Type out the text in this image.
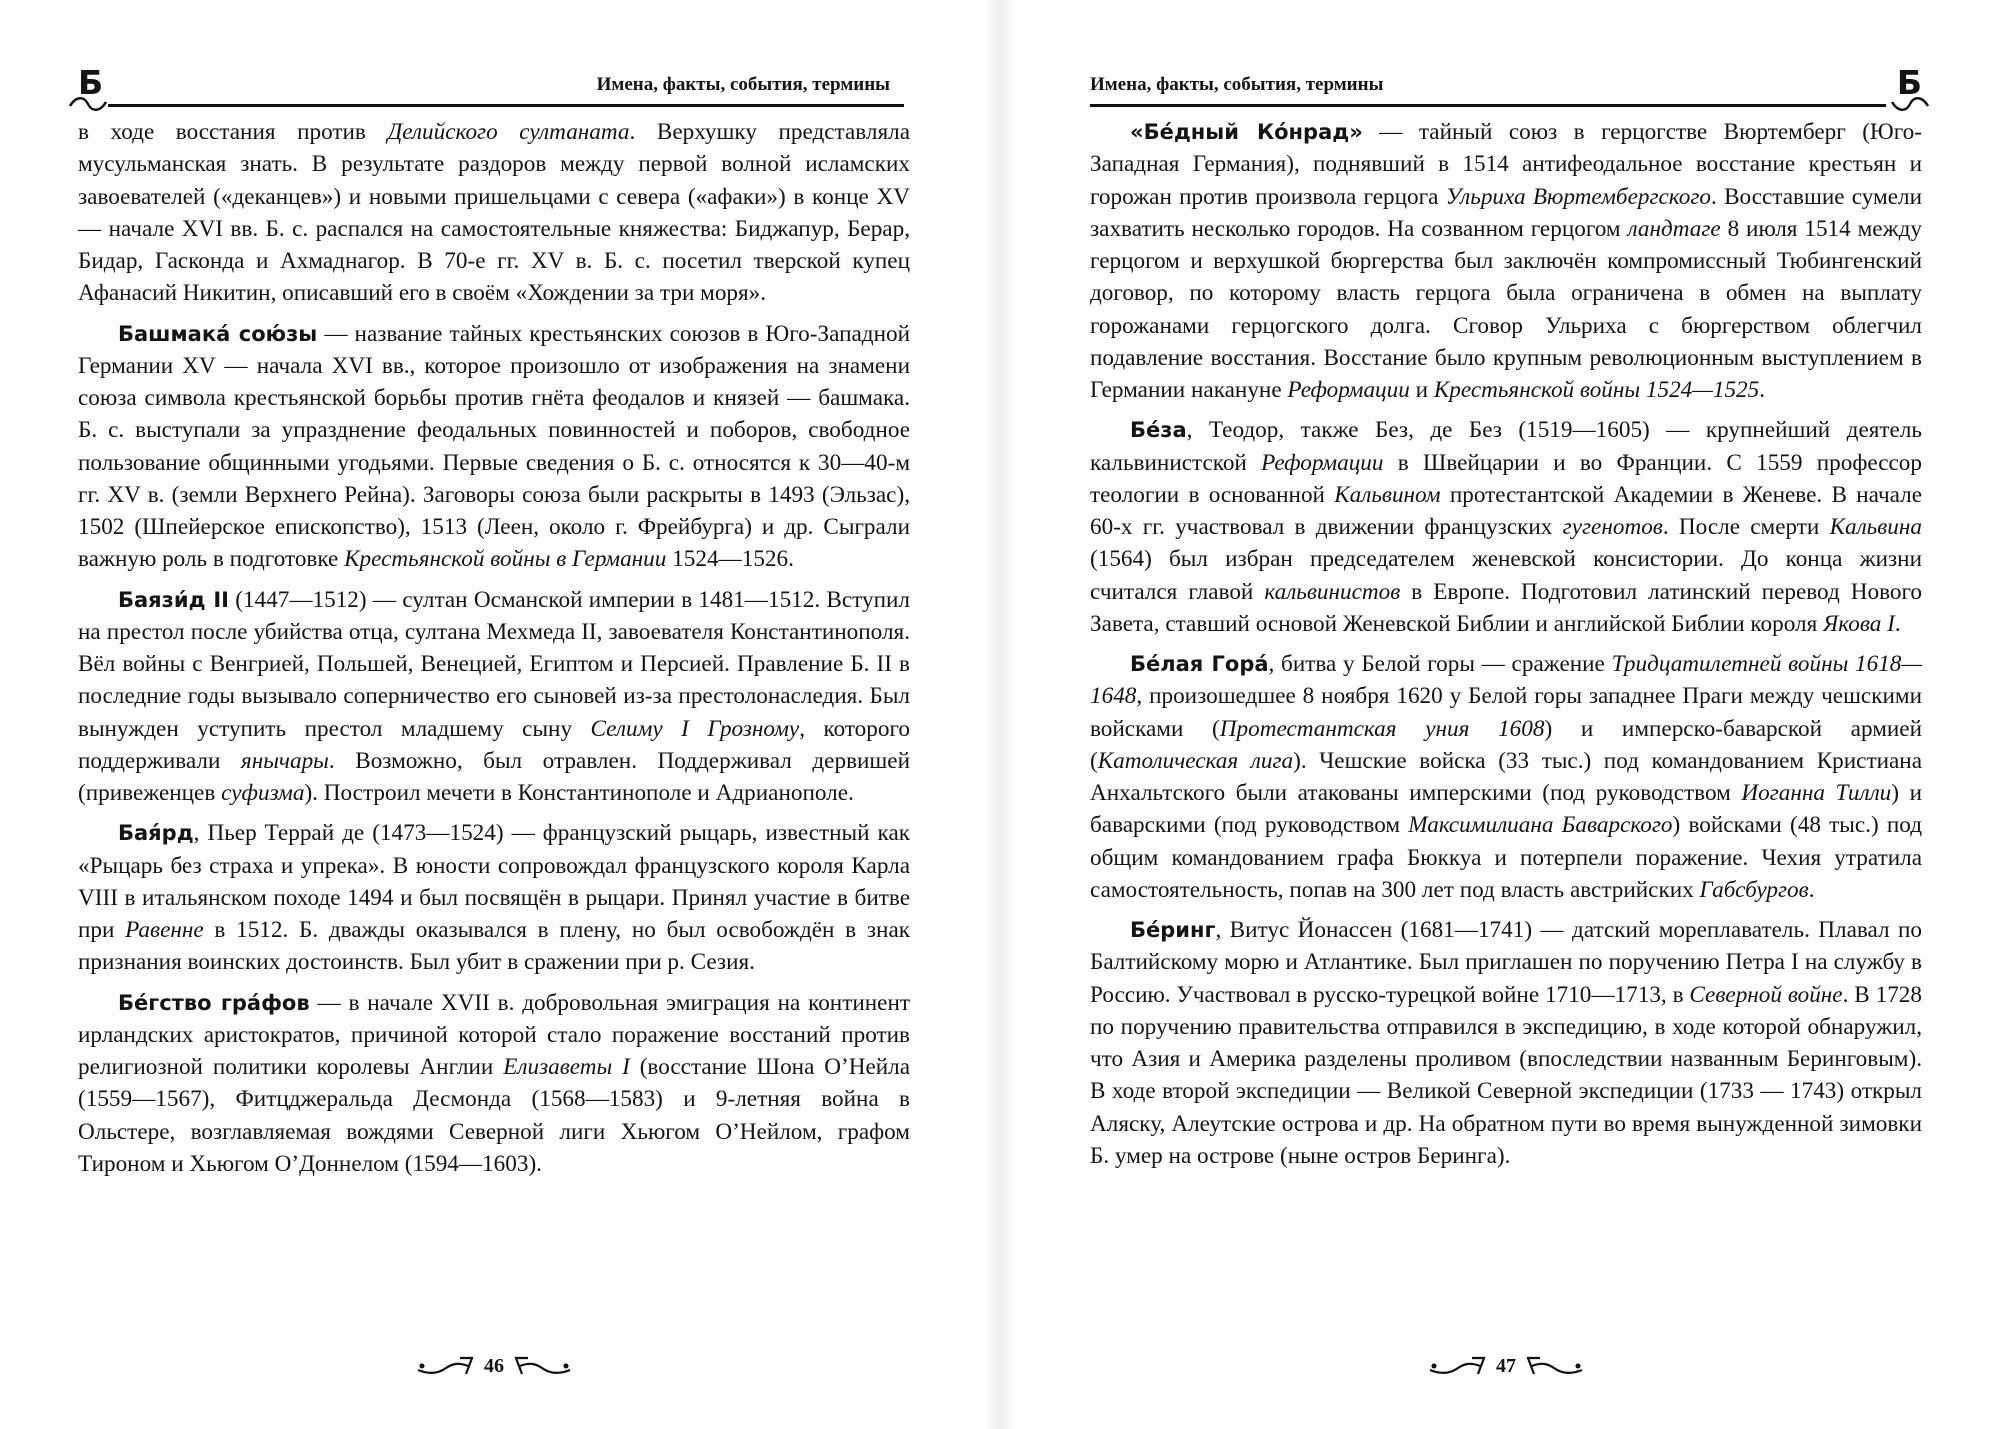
Б	Имена, факты, события, термины

в ходе восстания против Делийского султаната. Верхушку представляла мусульманская знать. В результате раздоров между первой волной исламских завоевателей («деканцев») и новыми пришельцами с севера («афаки») в конце XV — начале XVI вв. Б. с. распался на самостоятельные княжества: Биджапур, Берар, Бидар, Гасконда и Ахмаднагор. В 70-е гг. XV в. Б. с. посетил тверской купец Афанасий Никитин, описавший его в своём «Хождении за три моря».

Башмака́ сою́зы — название тайных крестьянских союзов в Юго-Западной Германии XV — начала XVI вв., которое произошло от изображения на знамени союза символа крестьянской борьбы против гнёта феодалов и князей — башмака. Б. с. выступали за упразднение феодальных повинностей и поборов, свободное пользование общинными угодьями. Первые сведения о Б. с. относятся к 30—40-м гг. XV в. (земли Верхнего Рейна). Заговоры союза были раскрыты в 1493 (Эльзас), 1502 (Шпейерское епископство), 1513 (Леен, около г. Фрейбурга) и др. Сыграли важную роль в подготовке Крестьянской войны в Германии 1524—1526.

Баязи́д II (1447—1512) — султан Османской империи в 1481—1512. Вступил на престол после убийства отца, султана Мехмеда II, завоевателя Константинополя. Вёл войны с Венгрией, Польшей, Венецией, Египтом и Персией. Правление Б. II в последние годы вызывало соперничество его сыновей из-за престолонаследия. Был вынужден уступить престол младшему сыну Селиму I Грозному, которого поддерживали янычары. Возможно, был отравлен. Поддерживал дервишей (привеженцев суфизма). Построил мечети в Константинополе и Адрианополе.

Бая́рд, Пьер Террай де (1473—1524) — французский рыцарь, известный как «Рыцарь без страха и упрека». В юности сопровождал французского короля Карла VIII в итальянском походе 1494 и был посвящён в рыцари. Принял участие в битве при Равенне в 1512. Б. дважды оказывался в плену, но был освобождён в знак признания воинских достоинств. Был убит в сражении при р. Сезия.

Бе́гство гра́фов — в начале XVII в. добровольная эмиграция на континент ирландских аристократов, причиной которой стало поражение восстаний против религиозной политики королевы Англии Елизаветы I (восстание Шона О’Нейла (1559—1567), Фитцджеральда Десмонда (1568—1583) и 9-летняя война в Ольстере, возглавляемая вождями Северной лиги Хьюгом О’Нейлом, графом Тироном и Хьюгом О’Доннелом (1594—1603).

46
Имена, факты, события, термины	Б

«Бе́дный Ко́нрад» — тайный союз в герцогстве Вюртемберг (Юго-Западная Германия), поднявший в 1514 антифеодальное восстание крестьян и горожан против произвола герцога Ульриха Вюртембергского. Восставшие сумели захватить несколько городов. На созванном герцогом ландтаге 8 июля 1514 между герцогом и верхушкой бюргерства был заключён компромиссный Тюбингенский договор, по которому власть герцога была ограничена в обмен на выплату горожанами герцогского долга. Сговор Ульриха с бюргерством облегчил подавление восстания. Восстание было крупным революционным выступлением в Германии накануне Реформации и Крестьянской войны 1524—1525.

Бе́за, Теодор, также Без, де Без (1519—1605) — крупнейший деятель кальвинистской Реформации в Швейцарии и во Франции. С 1559 профессор теологии в основанной Кальвином протестантской Академии в Женеве. В начале 60-х гг. участвовал в движении французских гугенотов. После смерти Кальвина (1564) был избран председателем женевской консистории. До конца жизни считался главой кальвинистов в Европе. Подготовил латинский перевод Нового Завета, ставший основой Женевской Библии и английской Библии короля Якова I.

Бе́лая Гора́, битва у Белой горы — сражение Тридцатилетней войны 1618—1648, произошедшее 8 ноября 1620 у Белой горы западнее Праги между чешскими войсками (Протестантская уния 1608) и имперско-баварской армией (Католическая лига). Чешские войска (33 тыс.) под командованием Кристиана Анхальтского были атакованы имперскими (под руководством Иоганна Тилли) и баварскими (под руководством Максимилиана Баварского) войсками (48 тыс.) под общим командованием графа Бюккуа и потерпели поражение. Чехия утратила самостоятельность, попав на 300 лет под власть австрийских Габсбургов.

Бе́ринг, Витус Йонассен (1681—1741) — датский мореплаватель. Плавал по Балтийскому морю и Атлантике. Был приглашен по поручению Петра I на службу в Россию. Участвовал в русско-турецкой войне 1710—1713, в Северной войне. В 1728 по поручению правительства отправился в экспедицию, в ходе которой обнаружил, что Азия и Америка разделены проливом (впоследствии названным Беринговым). В ходе второй экспедиции — Великой Северной экспедиции (1733 — 1743) открыл Аляску, Алеутские острова и др. На обратном пути во время вынужденной зимовки Б. умер на острове (ныне остров Беринга).

47
